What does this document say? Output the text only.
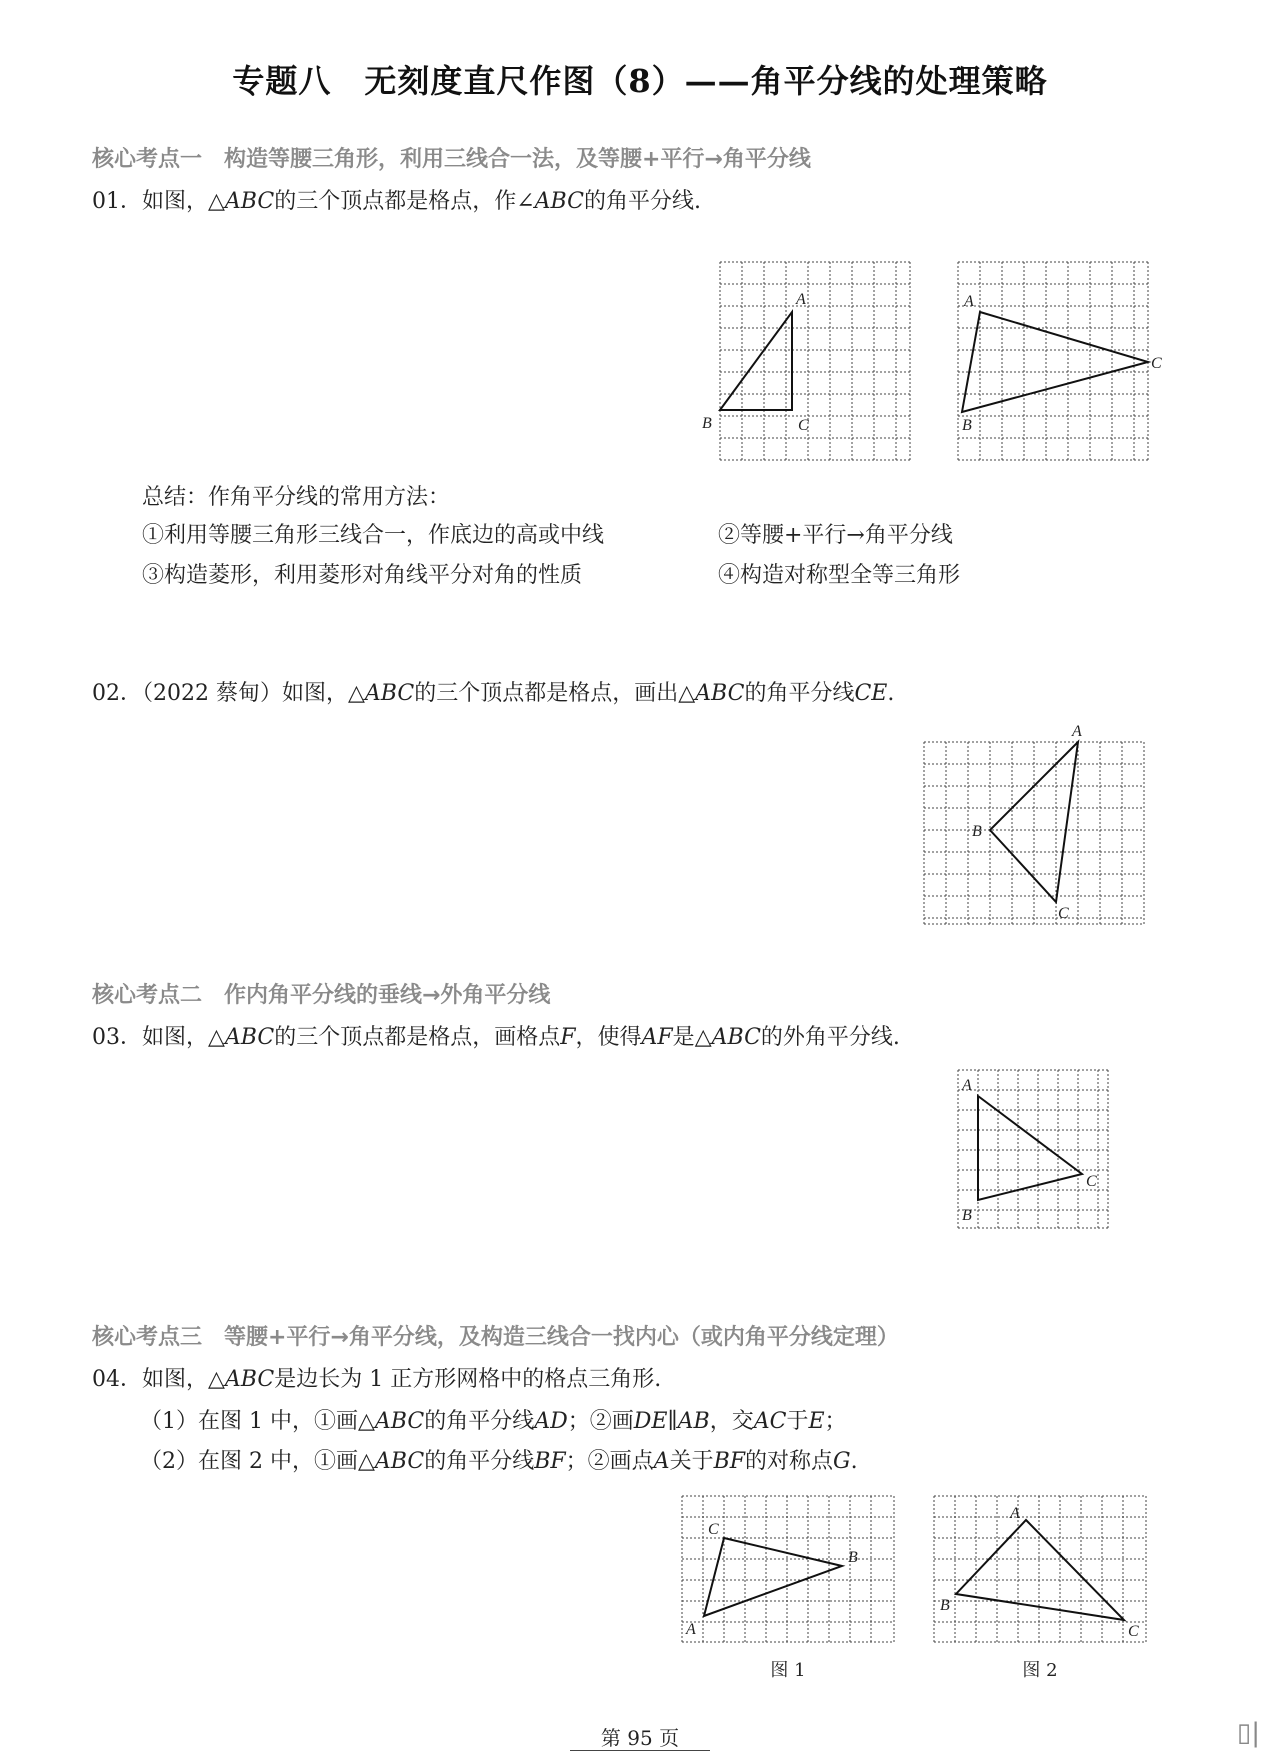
专题八　无刻度直尺作图（8）——角平分线的处理策略
核心考点一　构造等腰三角形，利用三线合一法，及等腰+平行→角平分线
01．如图，△ABC的三个顶点都是格点，作∠ABC的角平分线.
A
B	C
A
C
B
总结：作角平分线的常用方法：
①利用等腰三角形三线合一，作底边的高或中线	②等腰+平行→角平分线
③构造菱形，利用菱形对角线平分对角的性质	④构造对称型全等三角形
02．（2022 蔡甸）如图，△ABC的三个顶点都是格点，画出△ABC的角平分线CE.
A
B
C
核心考点二　作内角平分线的垂线→外角平分线
03．如图，△ABC的三个顶点都是格点，画格点F，使得AF是△ABC的外角平分线.
A
C
B
核心考点三　等腰+平行→角平分线，及构造三线合一找内心（或内角平分线定理）
04．如图，△ABC是边长为 1 正方形网格中的格点三角形.
（1）在图 1 中，①画△ABC的角平分线AD；②画DE∥AB，交AC于E；
（2）在图 2 中，①画△ABC的角平分线BF；②画点A关于BF的对称点G.
C
B
A
图 1
A
B
C
图 2
第 95 页	▯|
